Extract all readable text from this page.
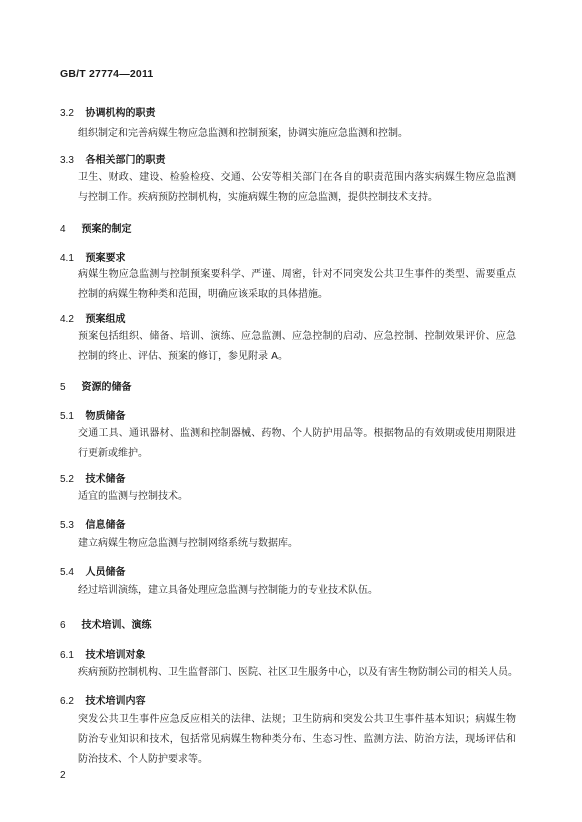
GB/T 27774—2011
3.2 协调机构的职责
组织制定和完善病媒生物应急监测和控制预案，协调实施应急监测和控制。
3.3 各相关部门的职责
卫生、财政、建设、检验检疫、交通、公安等相关部门在各自的职责范围内落实病媒生物应急监测与控制工作。疾病预防控制机构，实施病媒生物的应急监测，提供控制技术支持。
4 预案的制定
4.1 预案要求
病媒生物应急监测与控制预案要科学、严谨、周密，针对不同突发公共卫生事件的类型、需要重点控制的病媒生物种类和范围，明确应该采取的具体措施。
4.2 预案组成
预案包括组织、储备、培训、演练、应急监测、应急控制的启动、应急控制、控制效果评价、应急控制的终止、评估、预案的修订，参见附录 A。
5 资源的储备
5.1 物质储备
交通工具、通讯器材、监测和控制器械、药物、个人防护用品等。根据物品的有效期或使用期限进行更新或维护。
5.2 技术储备
适宜的监测与控制技术。
5.3 信息储备
建立病媒生物应急监测与控制网络系统与数据库。
5.4 人员储备
经过培训演练，建立具备处理应急监测与控制能力的专业技术队伍。
6 技术培训、演练
6.1 技术培训对象
疾病预防控制机构、卫生监督部门、医院、社区卫生服务中心，以及有害生物防制公司的相关人员。
6.2 技术培训内容
突发公共卫生事件应急反应相关的法律、法规；卫生防病和突发公共卫生事件基本知识；病媒生物防治专业知识和技术，包括常见病媒生物种类分布、生态习性、监测方法、防治方法，现场评估和防治技术、个人防护要求等。
2
